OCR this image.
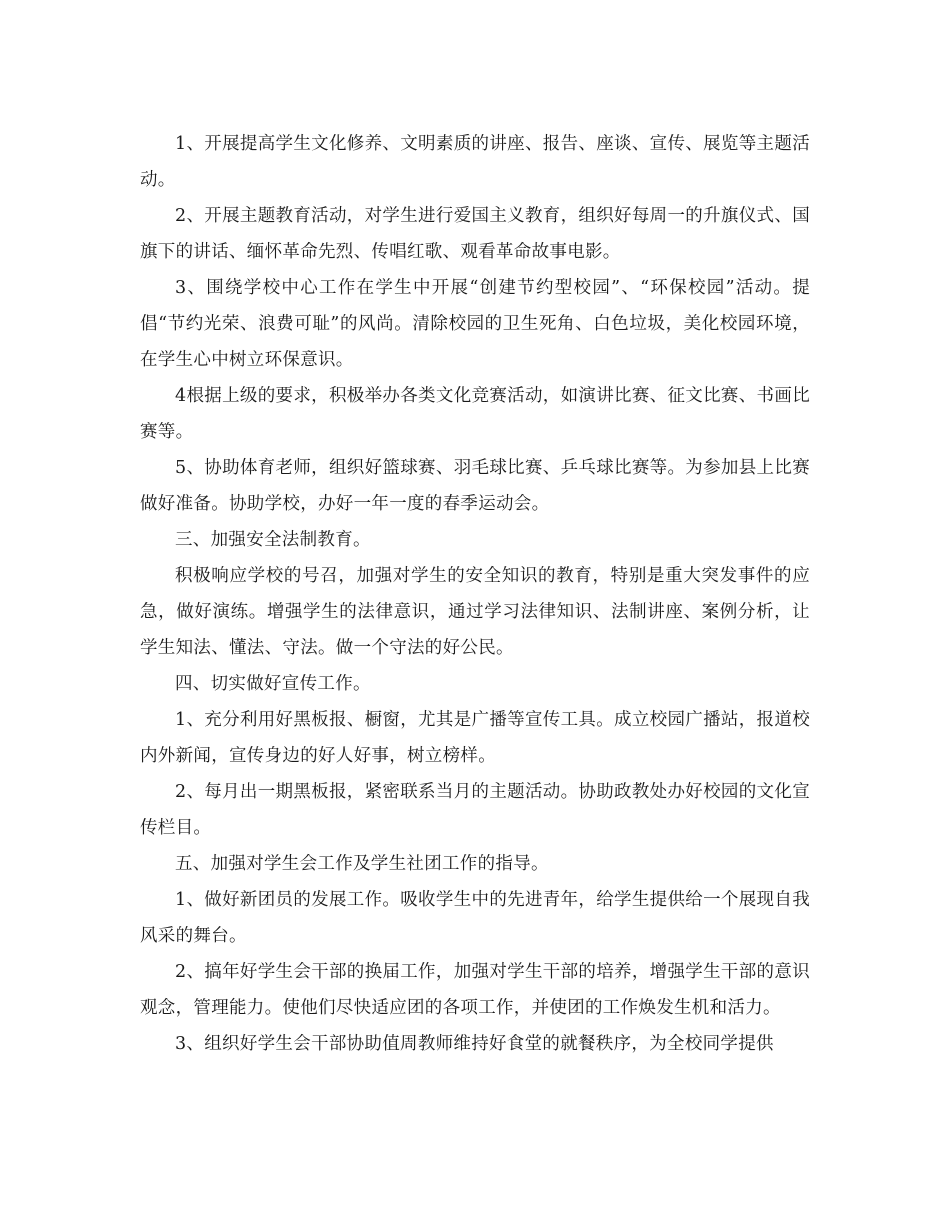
1、开展提高学生文化修养、文明素质的讲座、报告、座谈、宣传、展览等主题活动。

2、开展主题教育活动，对学生进行爱国主义教育，组织好每周一的升旗仪式、国旗下的讲话、缅怀革命先烈、传唱红歌、观看革命故事电影。

3、围绕学校中心工作在学生中开展“创建节约型校园”、“环保校园”活动。提倡“节约光荣、浪费可耻”的风尚。清除校园的卫生死角、白色垃圾，美化校园环境，在学生心中树立环保意识。

4根据上级的要求，积极举办各类文化竞赛活动，如演讲比赛、征文比赛、书画比赛等。

5、协助体育老师，组织好篮球赛、羽毛球比赛、乒乓球比赛等。为参加县上比赛做好准备。协助学校，办好一年一度的春季运动会。

三、加强安全法制教育。

积极响应学校的号召，加强对学生的安全知识的教育，特别是重大突发事件的应急，做好演练。增强学生的法律意识，通过学习法律知识、法制讲座、案例分析，让学生知法、懂法、守法。做一个守法的好公民。

四、切实做好宣传工作。

1、充分利用好黑板报、橱窗，尤其是广播等宣传工具。成立校园广播站，报道校内外新闻，宣传身边的好人好事，树立榜样。

2、每月出一期黑板报，紧密联系当月的主题活动。协助政教处办好校园的文化宣传栏目。

五、加强对学生会工作及学生社团工作的指导。

1、做好新团员的发展工作。吸收学生中的先进青年，给学生提供给一个展现自我风采的舞台。

2、搞年好学生会干部的换届工作，加强对学生干部的培养，增强学生干部的意识观念，管理能力。使他们尽快适应团的各项工作，并使团的工作焕发生机和活力。

3、组织好学生会干部协助值周教师维持好食堂的就餐秩序，为全校同学提供
